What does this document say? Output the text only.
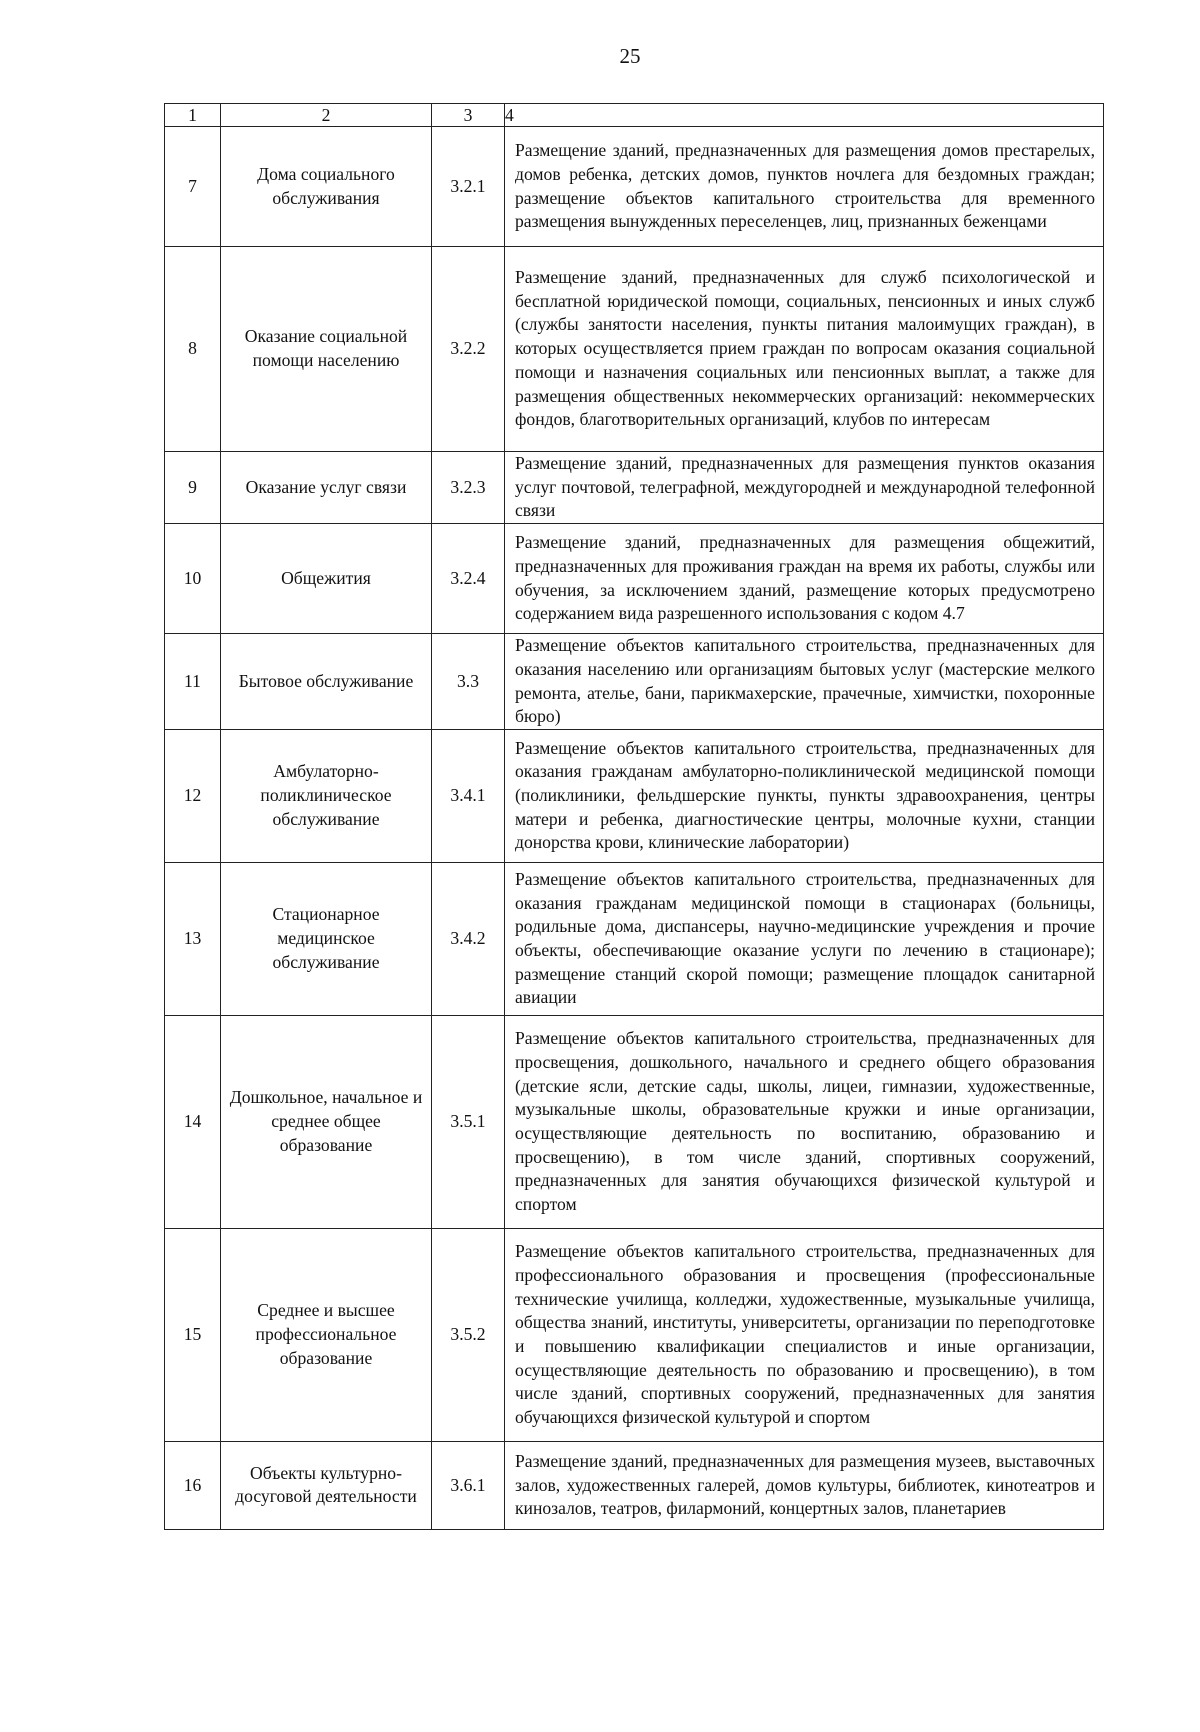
25
1	2	3	4
7	Дома социального обслуживания	3.2.1	Размещение зданий, предназначенных для размещения домов престарелых, домов ребенка, детских домов, пунктов ночлега для бездомных граждан; размещение объектов капитального строительства для временного размещения вынужденных переселенцев, лиц, признанных беженцами
8	Оказание социальной помощи населению	3.2.2	Размещение зданий, предназначенных для служб психологической и бесплатной юридической помощи, социальных, пенсионных и иных служб (службы занятости населения, пункты питания малоимущих граждан), в которых осуществляется прием граждан по вопросам оказания социальной помощи и назначения социальных или пенсионных выплат, а также для размещения общественных некоммерческих организаций: некоммерческих фондов, благотворительных организаций, клубов по интересам
9	Оказание услуг связи	3.2.3	Размещение зданий, предназначенных для размещения пунктов оказания услуг почтовой, телеграфной, междугородней и международной телефонной связи
10	Общежития	3.2.4	Размещение зданий, предназначенных для размещения общежитий, предназначенных для проживания граждан на время их работы, службы или обучения, за исключением зданий, размещение которых предусмотрено содержанием вида разрешенного использования с кодом 4.7
11	Бытовое обслуживание	3.3	Размещение объектов капитального строительства, предназначенных для оказания населению или организациям бытовых услуг (мастерские мелкого ремонта, ателье, бани, парикмахерские, прачечные, химчистки, похоронные бюро)
12	Амбулаторно-поликлиническое обслуживание	3.4.1	Размещение объектов капитального строительства, предназначенных для оказания гражданам амбулаторно-поликлинической медицинской помощи (поликлиники, фельдшерские пункты, пункты здравоохранения, центры матери и ребенка, диагностические центры, молочные кухни, станции донорства крови, клинические лаборатории)
13	Стационарное медицинское обслуживание	3.4.2	Размещение объектов капитального строительства, предназначенных для оказания гражданам медицинской помощи в стационарах (больницы, родильные дома, диспансеры, научно-медицинские учреждения и прочие объекты, обеспечивающие оказание услуги по лечению в стационаре); размещение станций скорой помощи; размещение площадок санитарной авиации
14	Дошкольное, начальное и среднее общее образование	3.5.1	Размещение объектов капитального строительства, предназначенных для просвещения, дошкольного, начального и среднего общего образования (детские ясли, детские сады, школы, лицеи, гимназии, художественные, музыкальные школы, образовательные кружки и иные организации, осуществляющие деятельность по воспитанию, образованию и просвещению), в том числе зданий, спортивных сооружений, предназначенных для занятия обучающихся физической культурой и спортом
15	Среднее и высшее профессиональное образование	3.5.2	Размещение объектов капитального строительства, предназначенных для профессионального образования и просвещения (профессиональные технические училища, колледжи, художественные, музыкальные училища, общества знаний, институты, университеты, организации по переподготовке и повышению квалификации специалистов и иные организации, осуществляющие деятельность по образованию и просвещению), в том числе зданий, спортивных сооружений, предназначенных для занятия обучающихся физической культурой и спортом
16	Объекты культурно-досуговой деятельности	3.6.1	Размещение зданий, предназначенных для размещения музеев, выставочных залов, художественных галерей, домов культуры, библиотек, кинотеатров и кинозалов, театров, филармоний, концертных залов, планетариев
